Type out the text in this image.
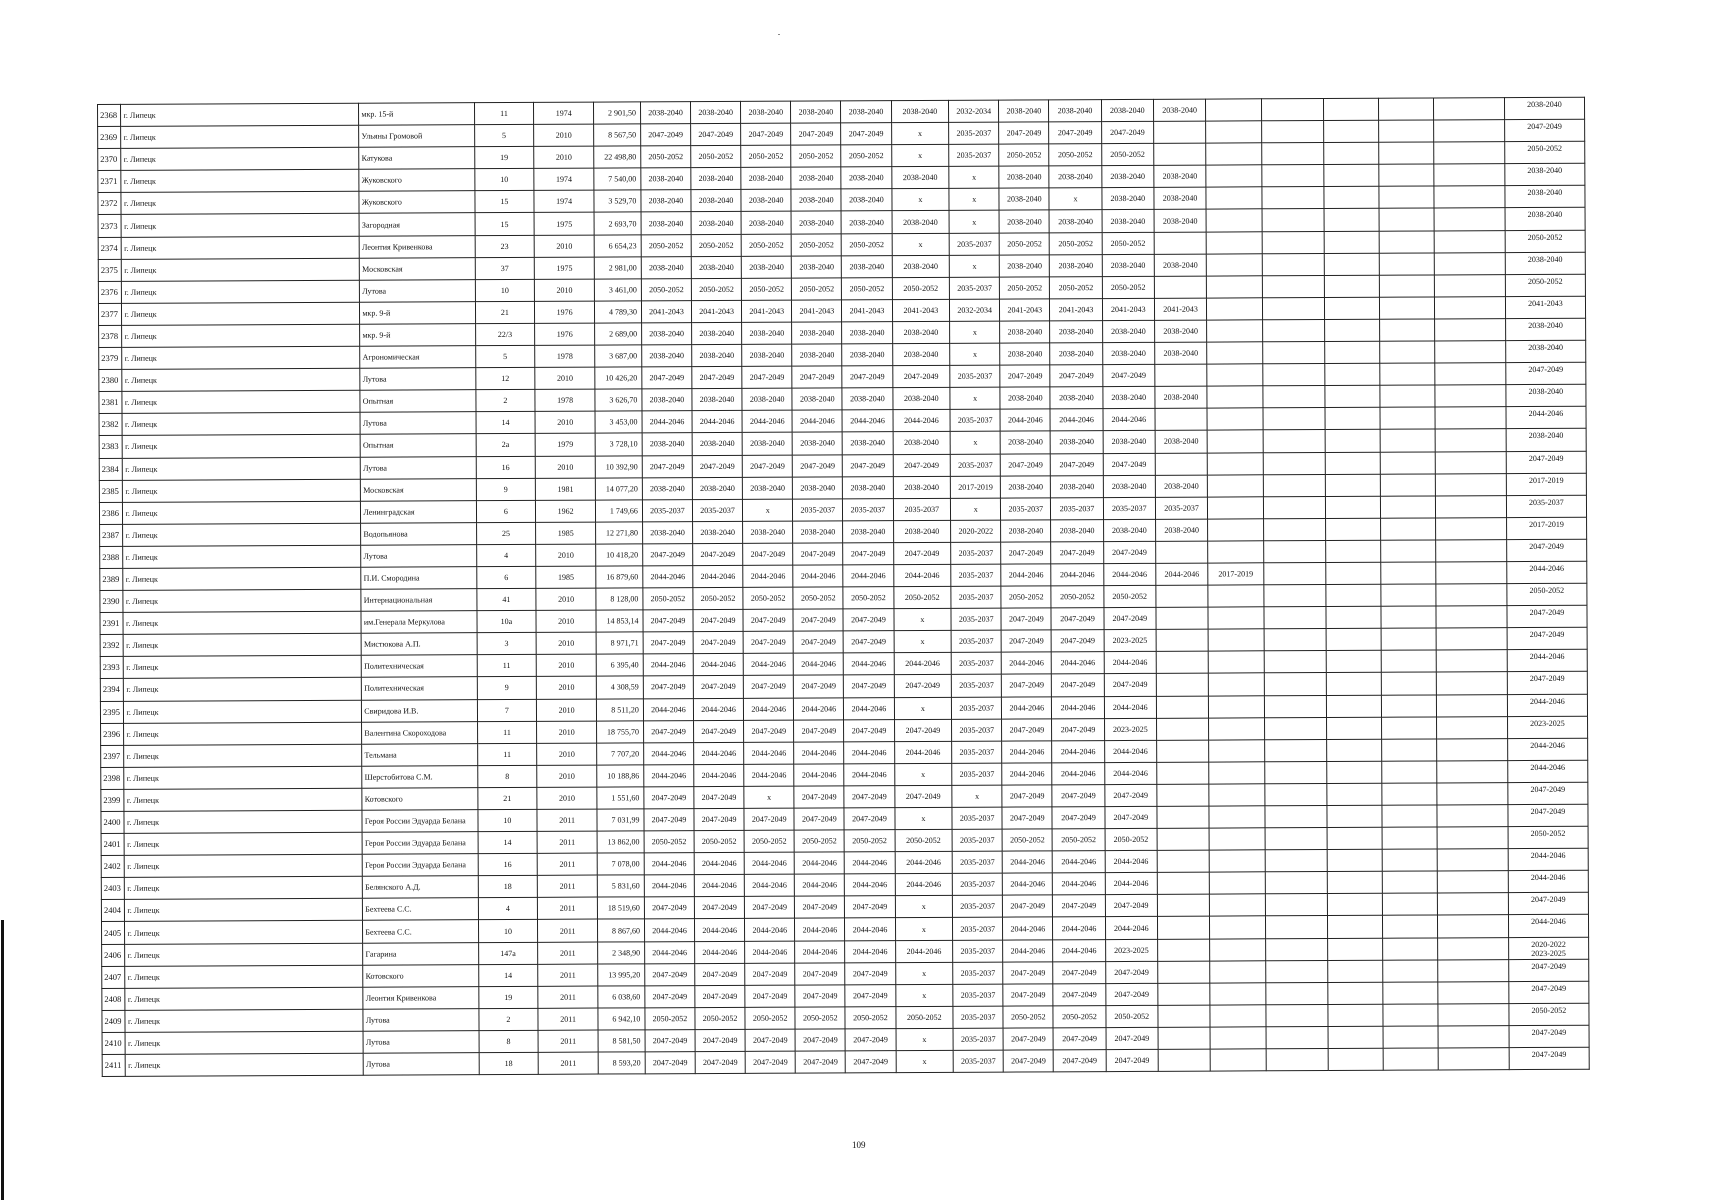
2368	г. Липецк	мкр. 15-й	11	1974	2 901,50	2038-2040	2038-2040	2038-2040	2038-2040	2038-2040	2038-2040	2032-2034	2038-2040	2038-2040	2038-2040	2038-2040						2038-2040
2369	г. Липецк	Ульяны Громовой	5	2010	8 567,50	2047-2049	2047-2049	2047-2049	2047-2049	2047-2049	x	2035-2037	2047-2049	2047-2049	2047-2049							2047-2049
2370	г. Липецк	Катукова	19	2010	22 498,80	2050-2052	2050-2052	2050-2052	2050-2052	2050-2052	x	2035-2037	2050-2052	2050-2052	2050-2052							2050-2052
2371	г. Липецк	Жуковского	10	1974	7 540,00	2038-2040	2038-2040	2038-2040	2038-2040	2038-2040	2038-2040	x	2038-2040	2038-2040	2038-2040	2038-2040						2038-2040
2372	г. Липецк	Жуковского	15	1974	3 529,70	2038-2040	2038-2040	2038-2040	2038-2040	2038-2040	x	x	2038-2040	x	2038-2040	2038-2040						2038-2040
2373	г. Липецк	Загородная	15	1975	2 693,70	2038-2040	2038-2040	2038-2040	2038-2040	2038-2040	2038-2040	x	2038-2040	2038-2040	2038-2040	2038-2040						2038-2040
2374	г. Липецк	Леонтия Кривенкова	23	2010	6 654,23	2050-2052	2050-2052	2050-2052	2050-2052	2050-2052	x	2035-2037	2050-2052	2050-2052	2050-2052							2050-2052
2375	г. Липецк	Московская	37	1975	2 981,00	2038-2040	2038-2040	2038-2040	2038-2040	2038-2040	2038-2040	x	2038-2040	2038-2040	2038-2040	2038-2040						2038-2040
2376	г. Липецк	Лутова	10	2010	3 461,00	2050-2052	2050-2052	2050-2052	2050-2052	2050-2052	2050-2052	2035-2037	2050-2052	2050-2052	2050-2052							2050-2052
2377	г. Липецк	мкр. 9-й	21	1976	4 789,30	2041-2043	2041-2043	2041-2043	2041-2043	2041-2043	2041-2043	2032-2034	2041-2043	2041-2043	2041-2043	2041-2043						2041-2043
2378	г. Липецк	мкр. 9-й	22/3	1976	2 689,00	2038-2040	2038-2040	2038-2040	2038-2040	2038-2040	2038-2040	x	2038-2040	2038-2040	2038-2040	2038-2040						2038-2040
2379	г. Липецк	Агрономическая	5	1978	3 687,00	2038-2040	2038-2040	2038-2040	2038-2040	2038-2040	2038-2040	x	2038-2040	2038-2040	2038-2040	2038-2040						2038-2040
2380	г. Липецк	Лутова	12	2010	10 426,20	2047-2049	2047-2049	2047-2049	2047-2049	2047-2049	2047-2049	2035-2037	2047-2049	2047-2049	2047-2049							2047-2049
2381	г. Липецк	Опытная	2	1978	3 626,70	2038-2040	2038-2040	2038-2040	2038-2040	2038-2040	2038-2040	x	2038-2040	2038-2040	2038-2040	2038-2040						2038-2040
2382	г. Липецк	Лутова	14	2010	3 453,00	2044-2046	2044-2046	2044-2046	2044-2046	2044-2046	2044-2046	2035-2037	2044-2046	2044-2046	2044-2046							2044-2046
2383	г. Липецк	Опытная	2а	1979	3 728,10	2038-2040	2038-2040	2038-2040	2038-2040	2038-2040	2038-2040	x	2038-2040	2038-2040	2038-2040	2038-2040						2038-2040
2384	г. Липецк	Лутова	16	2010	10 392,90	2047-2049	2047-2049	2047-2049	2047-2049	2047-2049	2047-2049	2035-2037	2047-2049	2047-2049	2047-2049							2047-2049
2385	г. Липецк	Московская	9	1981	14 077,20	2038-2040	2038-2040	2038-2040	2038-2040	2038-2040	2038-2040	2017-2019	2038-2040	2038-2040	2038-2040	2038-2040						2017-2019
2386	г. Липецк	Ленинградская	6	1962	1 749,66	2035-2037	2035-2037	x	2035-2037	2035-2037	2035-2037	x	2035-2037	2035-2037	2035-2037	2035-2037						2035-2037
2387	г. Липецк	Водопьянова	25	1985	12 271,80	2038-2040	2038-2040	2038-2040	2038-2040	2038-2040	2038-2040	2020-2022	2038-2040	2038-2040	2038-2040	2038-2040						2017-2019
2388	г. Липецк	Лутова	4	2010	10 418,20	2047-2049	2047-2049	2047-2049	2047-2049	2047-2049	2047-2049	2035-2037	2047-2049	2047-2049	2047-2049							2047-2049
2389	г. Липецк	П.И. Смородина	6	1985	16 879,60	2044-2046	2044-2046	2044-2046	2044-2046	2044-2046	2044-2046	2035-2037	2044-2046	2044-2046	2044-2046	2044-2046	2017-2019					2044-2046
2390	г. Липецк	Интернациональная	41	2010	8 128,00	2050-2052	2050-2052	2050-2052	2050-2052	2050-2052	2050-2052	2035-2037	2050-2052	2050-2052	2050-2052							2050-2052
2391	г. Липецк	им.Генерала Меркулова	10а	2010	14 853,14	2047-2049	2047-2049	2047-2049	2047-2049	2047-2049	x	2035-2037	2047-2049	2047-2049	2047-2049							2047-2049
2392	г. Липецк	Мистюкова А.П.	3	2010	8 971,71	2047-2049	2047-2049	2047-2049	2047-2049	2047-2049	x	2035-2037	2047-2049	2047-2049	2023-2025							2047-2049
2393	г. Липецк	Политехническая	11	2010	6 395,40	2044-2046	2044-2046	2044-2046	2044-2046	2044-2046	2044-2046	2035-2037	2044-2046	2044-2046	2044-2046							2044-2046
2394	г. Липецк	Политехническая	9	2010	4 308,59	2047-2049	2047-2049	2047-2049	2047-2049	2047-2049	2047-2049	2035-2037	2047-2049	2047-2049	2047-2049							2047-2049
2395	г. Липецк	Свиридова И.В.	7	2010	8 511,20	2044-2046	2044-2046	2044-2046	2044-2046	2044-2046	x	2035-2037	2044-2046	2044-2046	2044-2046							2044-2046
2396	г. Липецк	Валентина Скороходова	11	2010	18 755,70	2047-2049	2047-2049	2047-2049	2047-2049	2047-2049	2047-2049	2035-2037	2047-2049	2047-2049	2023-2025							2023-2025
2397	г. Липецк	Тельмана	11	2010	7 707,20	2044-2046	2044-2046	2044-2046	2044-2046	2044-2046	2044-2046	2035-2037	2044-2046	2044-2046	2044-2046							2044-2046
2398	г. Липецк	Шерстобитова С.М.	8	2010	10 188,86	2044-2046	2044-2046	2044-2046	2044-2046	2044-2046	x	2035-2037	2044-2046	2044-2046	2044-2046							2044-2046
2399	г. Липецк	Котовского	21	2010	1 551,60	2047-2049	2047-2049	x	2047-2049	2047-2049	2047-2049	x	2047-2049	2047-2049	2047-2049							2047-2049
2400	г. Липецк	Героя России Эдуарда Белана	10	2011	7 031,99	2047-2049	2047-2049	2047-2049	2047-2049	2047-2049	x	2035-2037	2047-2049	2047-2049	2047-2049							2047-2049
2401	г. Липецк	Героя России Эдуарда Белана	14	2011	13 862,00	2050-2052	2050-2052	2050-2052	2050-2052	2050-2052	2050-2052	2035-2037	2050-2052	2050-2052	2050-2052							2050-2052
2402	г. Липецк	Героя России Эдуарда Белана	16	2011	7 078,00	2044-2046	2044-2046	2044-2046	2044-2046	2044-2046	2044-2046	2035-2037	2044-2046	2044-2046	2044-2046							2044-2046
2403	г. Липецк	Белянского А.Д.	18	2011	5 831,60	2044-2046	2044-2046	2044-2046	2044-2046	2044-2046	2044-2046	2035-2037	2044-2046	2044-2046	2044-2046							2044-2046
2404	г. Липецк	Бехтеева С.С.	4	2011	18 519,60	2047-2049	2047-2049	2047-2049	2047-2049	2047-2049	x	2035-2037	2047-2049	2047-2049	2047-2049							2047-2049
2405	г. Липецк	Бехтеева С.С.	10	2011	8 867,60	2044-2046	2044-2046	2044-2046	2044-2046	2044-2046	x	2035-2037	2044-2046	2044-2046	2044-2046							2044-2046
2406	г. Липецк	Гагарина	147а	2011	2 348,90	2044-2046	2044-2046	2044-2046	2044-2046	2044-2046	2044-2046	2035-2037	2044-2046	2044-2046	2023-2025							2020-2022
2023-2025
2407	г. Липецк	Котовского	14	2011	13 995,20	2047-2049	2047-2049	2047-2049	2047-2049	2047-2049	x	2035-2037	2047-2049	2047-2049	2047-2049							2047-2049
2408	г. Липецк	Леонтия Кривенкова	19	2011	6 038,60	2047-2049	2047-2049	2047-2049	2047-2049	2047-2049	x	2035-2037	2047-2049	2047-2049	2047-2049							2047-2049
2409	г. Липецк	Лутова	2	2011	6 942,10	2050-2052	2050-2052	2050-2052	2050-2052	2050-2052	2050-2052	2035-2037	2050-2052	2050-2052	2050-2052							2050-2052
2410	г. Липецк	Лутова	8	2011	8 581,50	2047-2049	2047-2049	2047-2049	2047-2049	2047-2049	x	2035-2037	2047-2049	2047-2049	2047-2049							2047-2049
2411	г. Липецк	Лутова	18	2011	8 593,20	2047-2049	2047-2049	2047-2049	2047-2049	2047-2049	x	2035-2037	2047-2049	2047-2049	2047-2049							2047-2049
109
